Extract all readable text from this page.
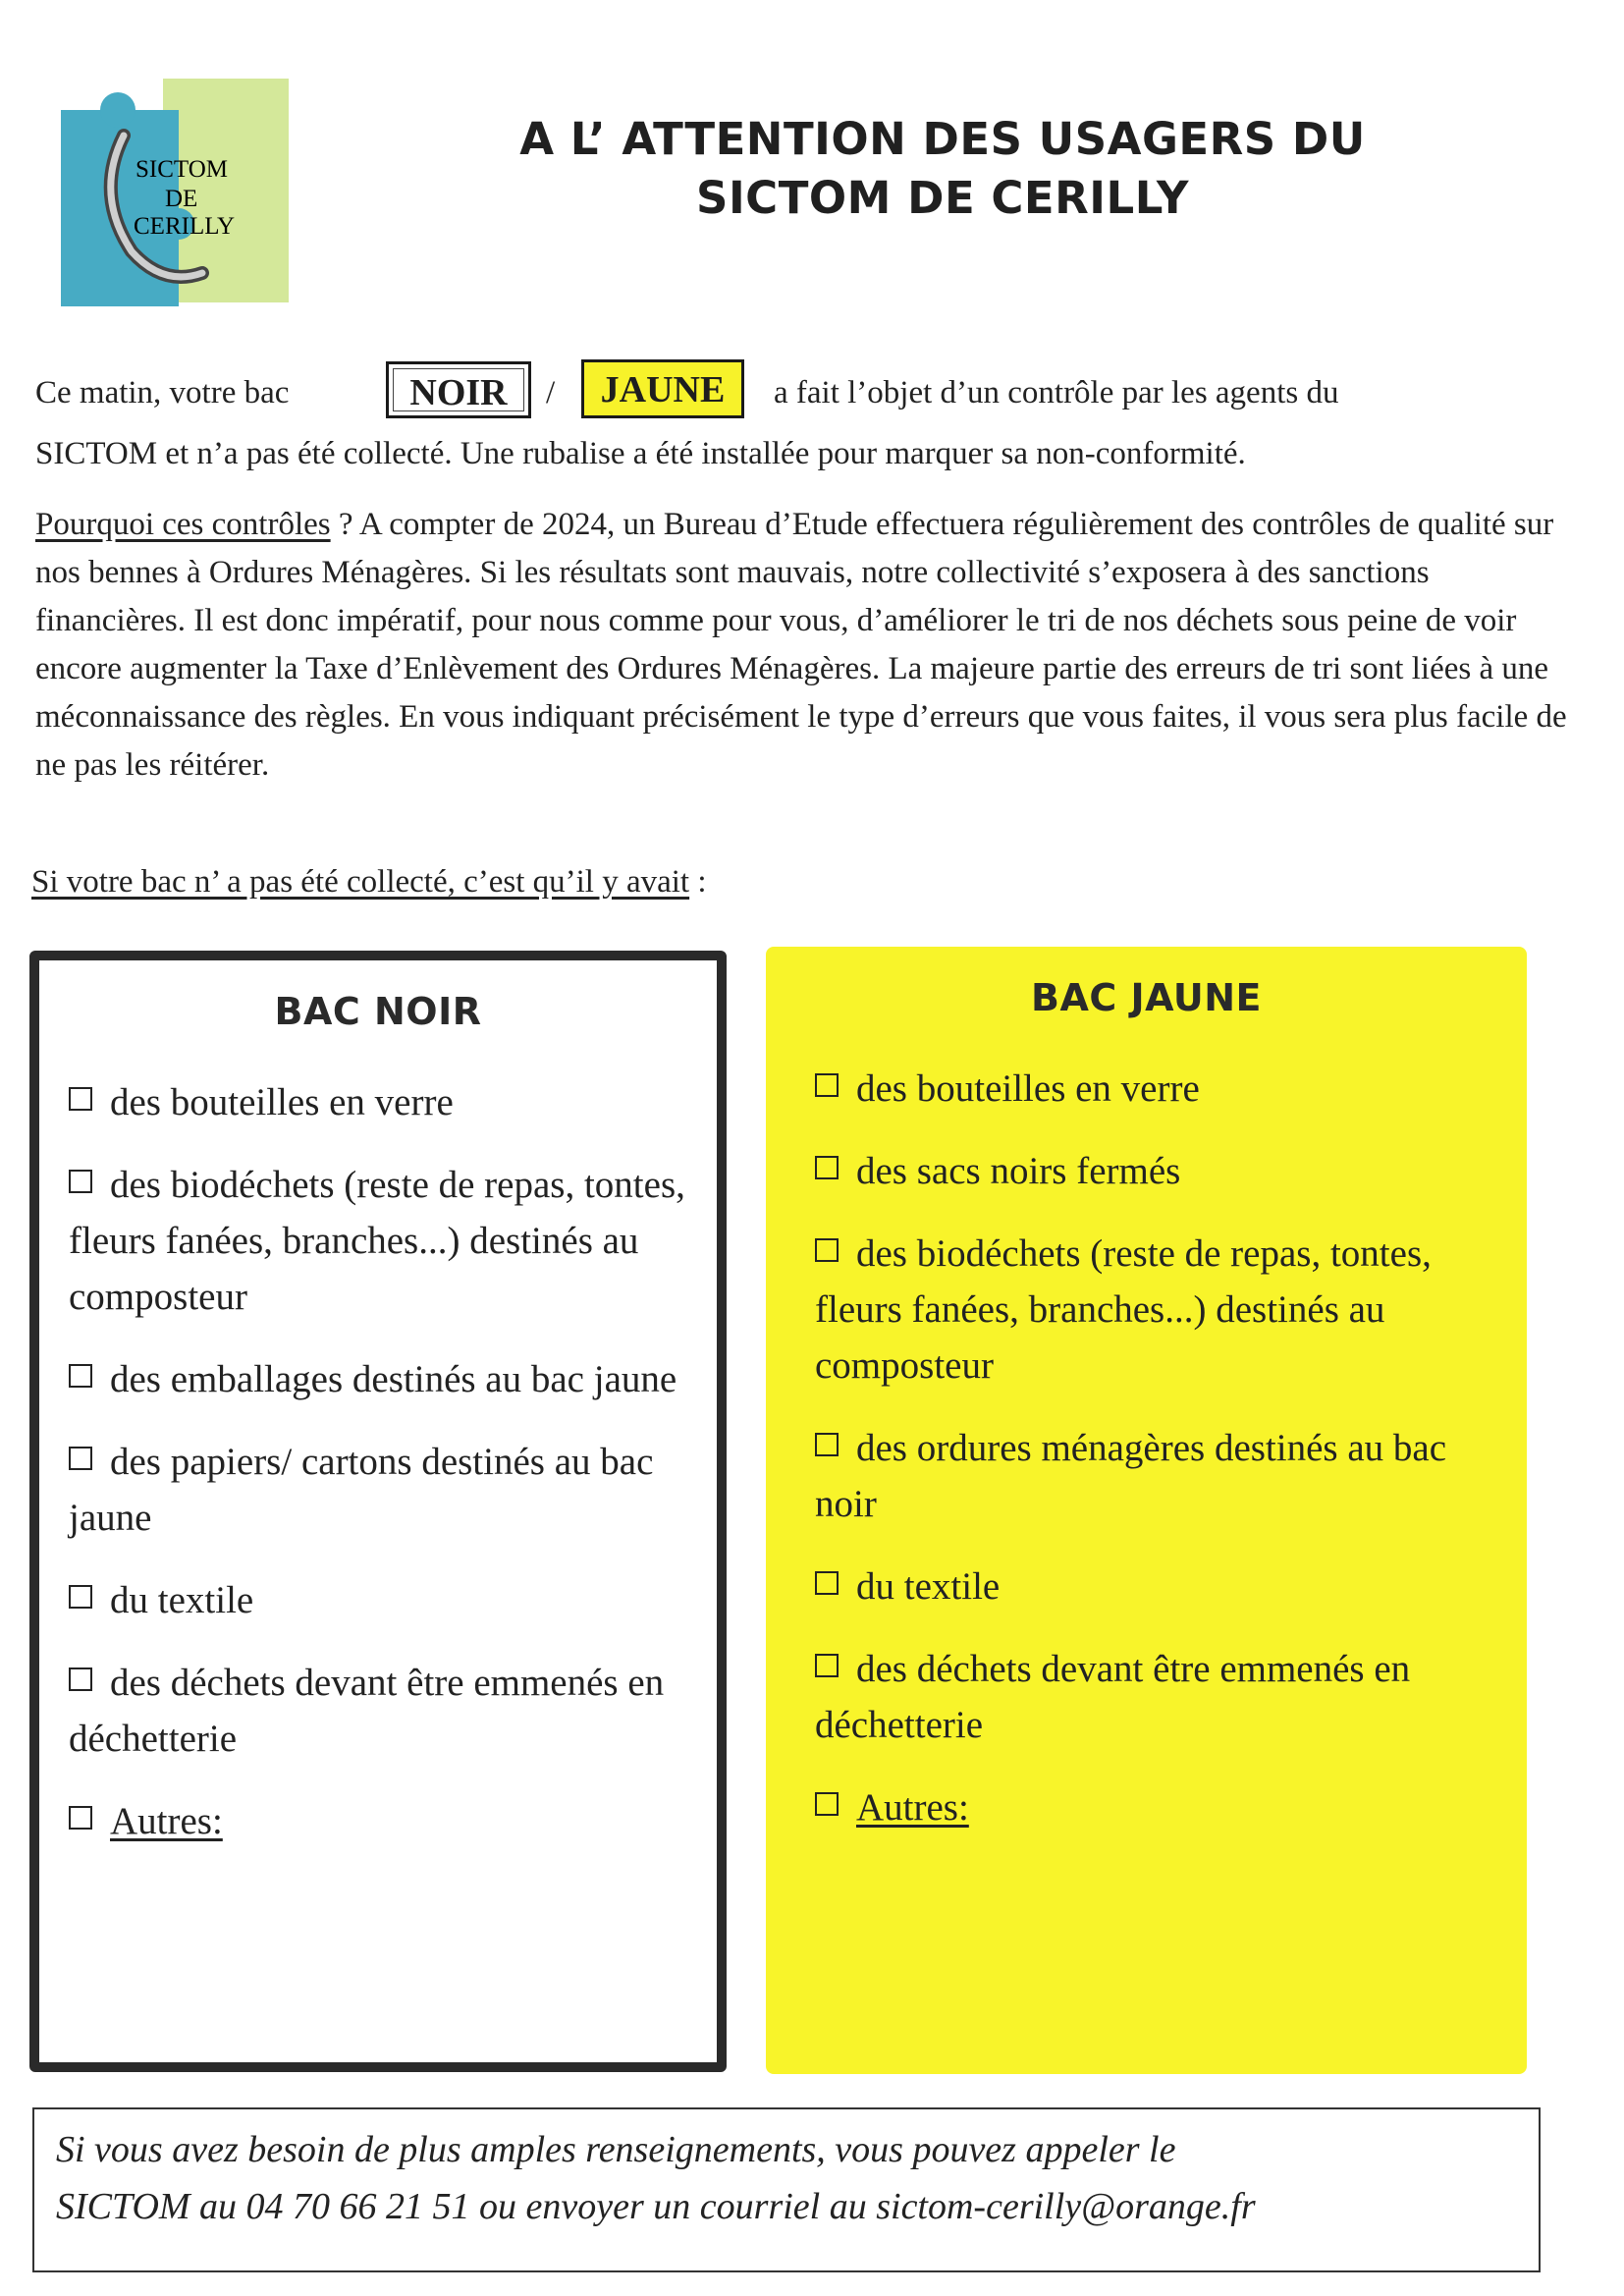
SICTOM
DE
CERILLY
A L’ ATTENTION DES USAGERS DU
SICTOM DE CERILLY
Ce matin, votre bac	NOIR	/	JAUNE	a fait l’objet d’un contrôle par les agents du
SICTOM et n’a pas été collecté. Une rubalise a été installée pour marquer sa non-conformité.
Pourquoi ces contrôles ? A compter de 2024, un Bureau d’Etude effectuera régulièrement des contrôles de qualité sur nos bennes à Ordures Ménagères. Si les résultats sont mauvais, notre collectivité s’exposera à des sanctions financières. Il est donc impératif, pour nous comme pour vous, d’améliorer le tri de nos déchets sous peine de voir encore augmenter la Taxe d’Enlèvement des Ordures Ménagères. La majeure partie des erreurs de tri sont liées à une méconnaissance des règles. En vous indiquant précisément le type d’erreurs que vous faites, il vous sera plus facile de ne pas les réitérer.
Si votre bac n’ a pas été collecté, c’est qu’il y avait :
BAC NOIR
des bouteilles en verre
des biodéchets (reste de repas, tontes, fleurs fanées, branches...) destinés au composteur
des emballages destinés au bac jaune
des papiers/ cartons destinés au bac jaune
du textile
des déchets devant être emmenés en déchetterie
Autres:
BAC JAUNE
des bouteilles en verre
des sacs noirs fermés
des biodéchets (reste de repas, tontes, fleurs fanées, branches...) destinés au composteur
des ordures ménagères destinés au bac noir
du textile
des déchets devant être emmenés en déchetterie
Autres:
Si vous avez besoin de plus amples renseignements, vous pouvez appeler le
SICTOM au 04 70 66 21 51 ou envoyer un courriel au sictom-cerilly@orange.fr
